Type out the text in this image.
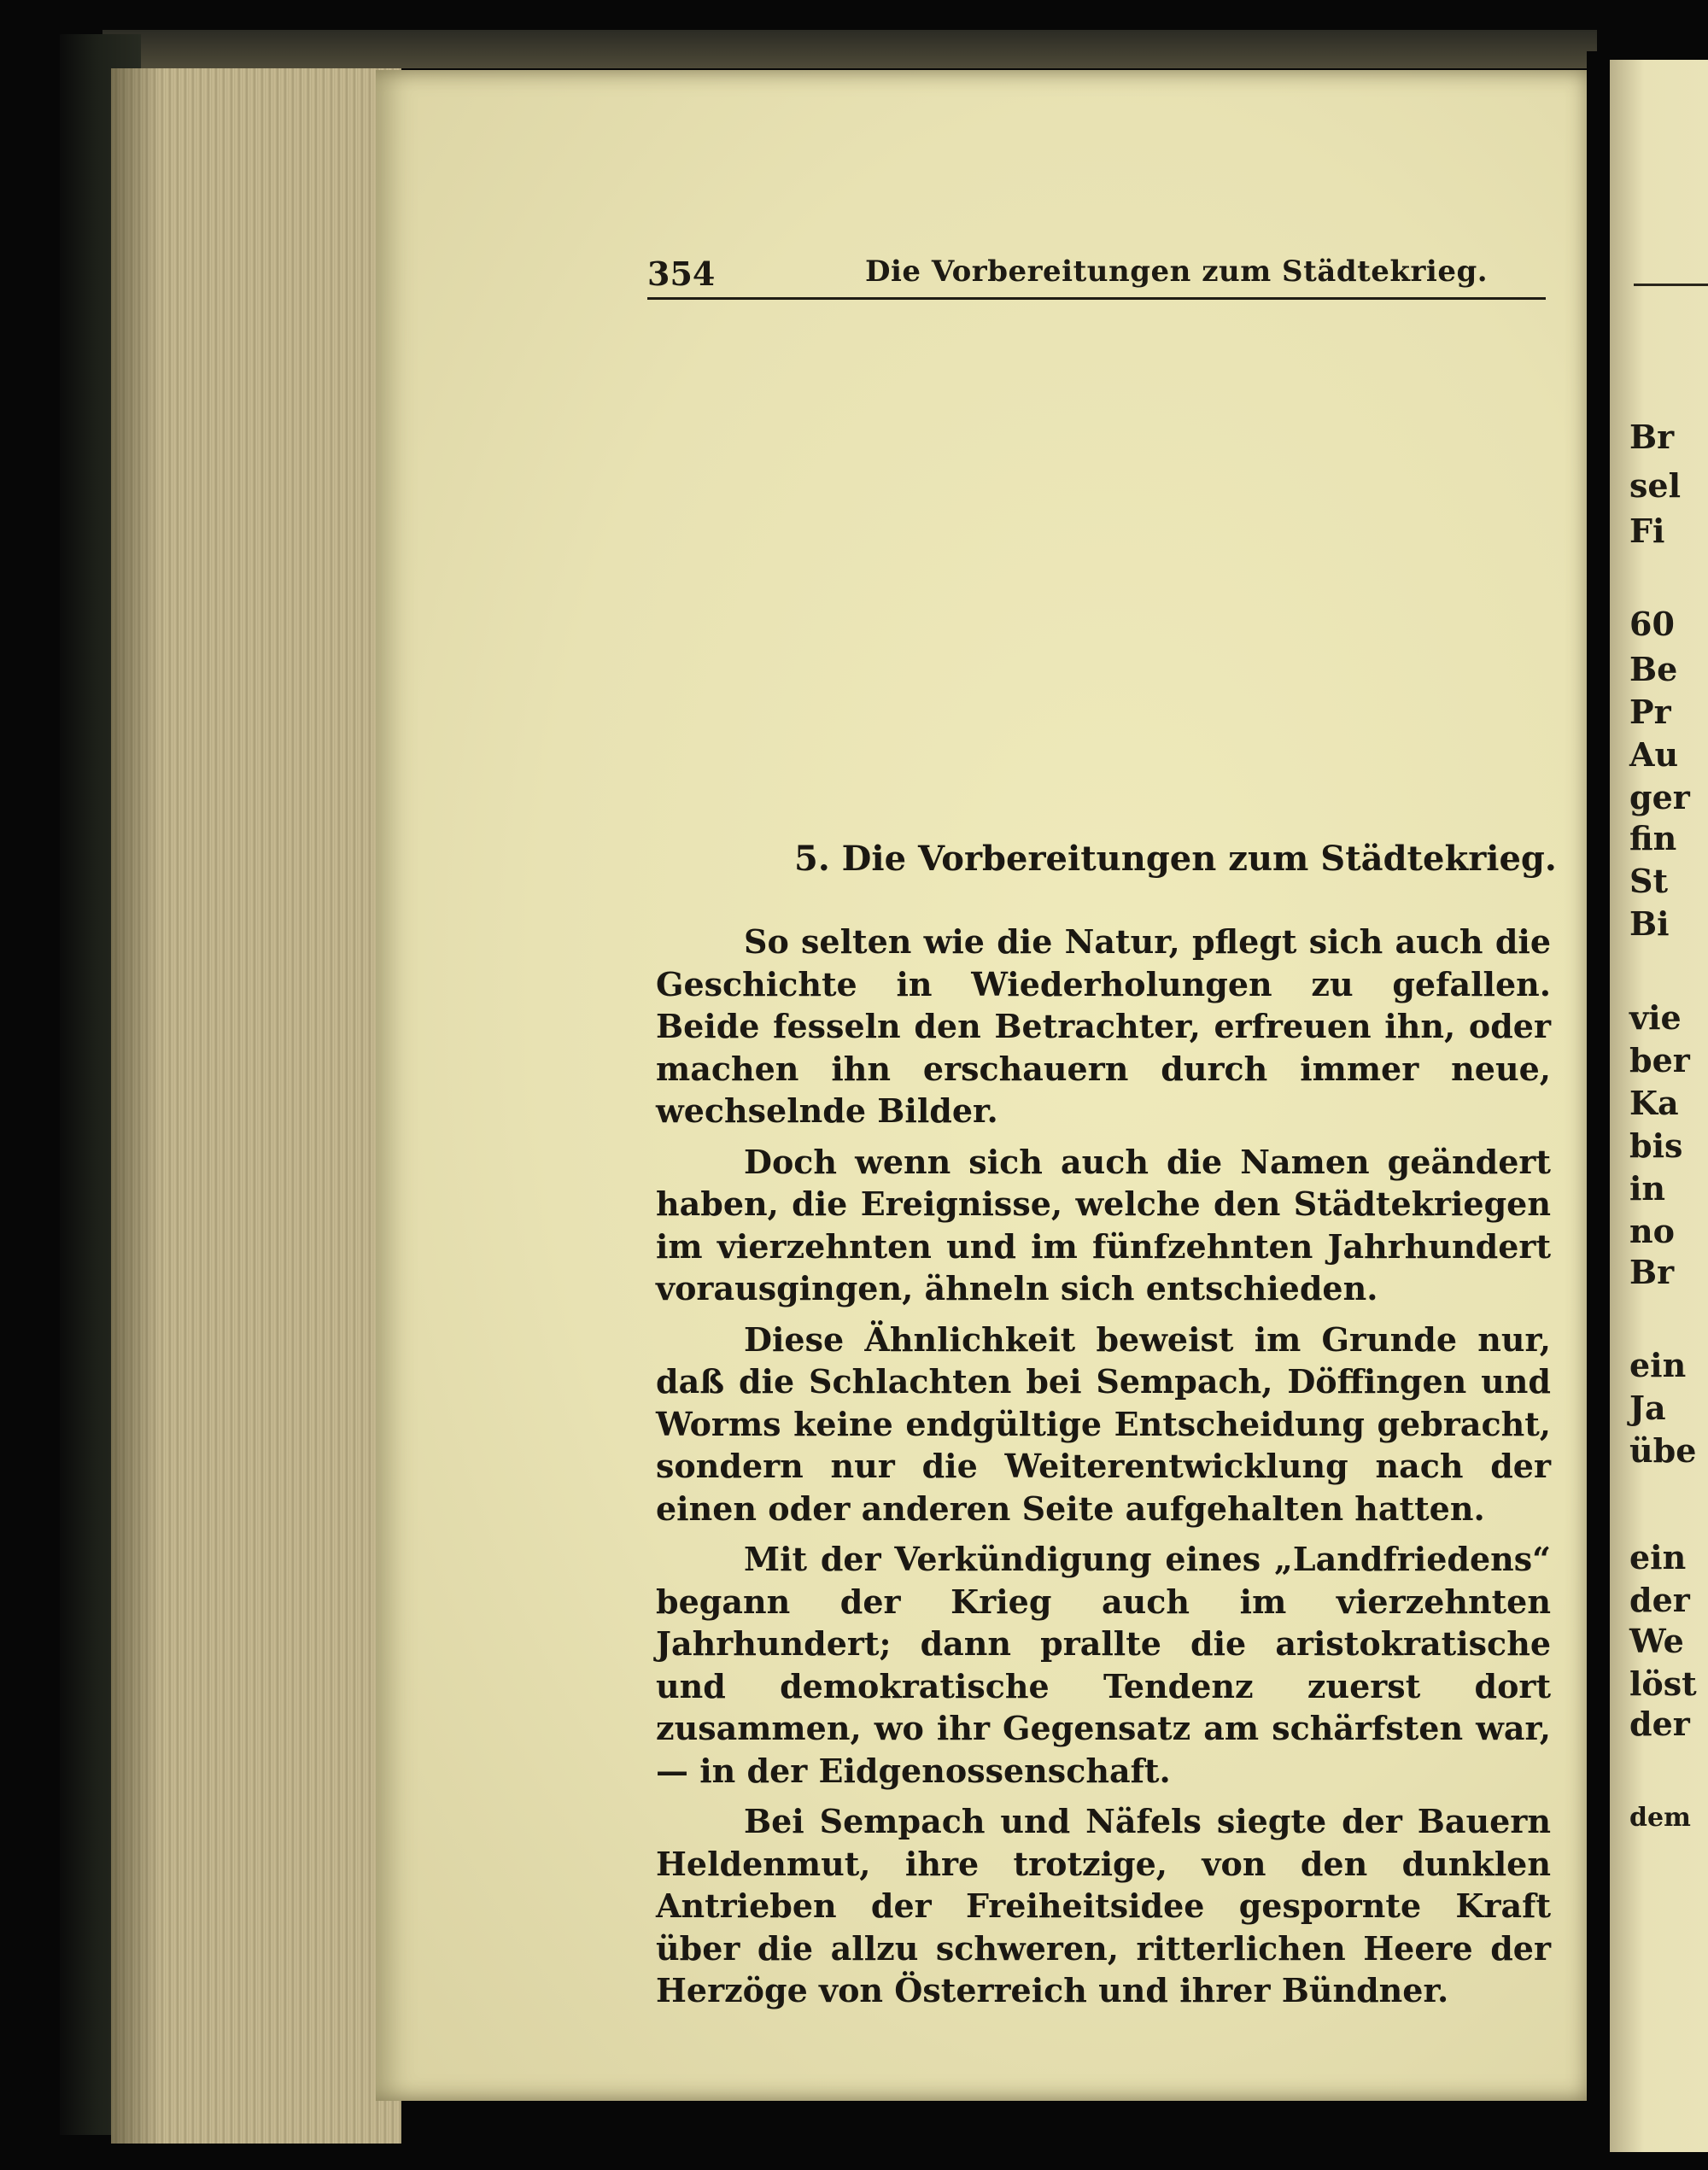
354	Die Vorbereitungen zum Städtekrieg.

5. Die Vorbereitungen zum Städtekrieg.

So selten wie die Natur, pflegt sich auch die Geschichte in Wiederholungen zu gefallen. Beide fesseln den Betrachter, erfreuen ihn, oder machen ihn erschauern durch immer neue, wechselnde Bilder.

Doch wenn sich auch die Namen geändert haben, die Ereignisse, welche den Städtekriegen im vierzehnten und im fünfzehnten Jahrhundert vorausgingen, ähneln sich entschieden.

Diese Ähnlichkeit beweist im Grunde nur, daß die Schlachten bei Sempach, Döffingen und Worms keine endgültige Entscheidung gebracht, sondern nur die Weiterentwicklung nach der einen oder anderen Seite aufgehalten hatten.

Mit der Verkündigung eines „Landfriedens“ begann der Krieg auch im vierzehnten Jahrhundert; dann prallte die aristokratische und demokratische Tendenz zuerst dort zusammen, wo ihr Gegensatz am schärfsten war, — in der Eidgenossenschaft.

Bei Sempach und Näfels siegte der Bauern Heldenmut, ihre trotzige, von den dunklen Antrieben der Freiheitsidee gespornte Kraft über die allzu schweren, ritterlichen Heere der Herzöge von Österreich und ihrer Bündner.

Br
sel
Fi
60
Be
Pr
Au
ger
fin
St
Bi
vie
ber
Ka
bis
in
no
Br
ein
Ja
übe
ein
der
We
löst
der
dem
